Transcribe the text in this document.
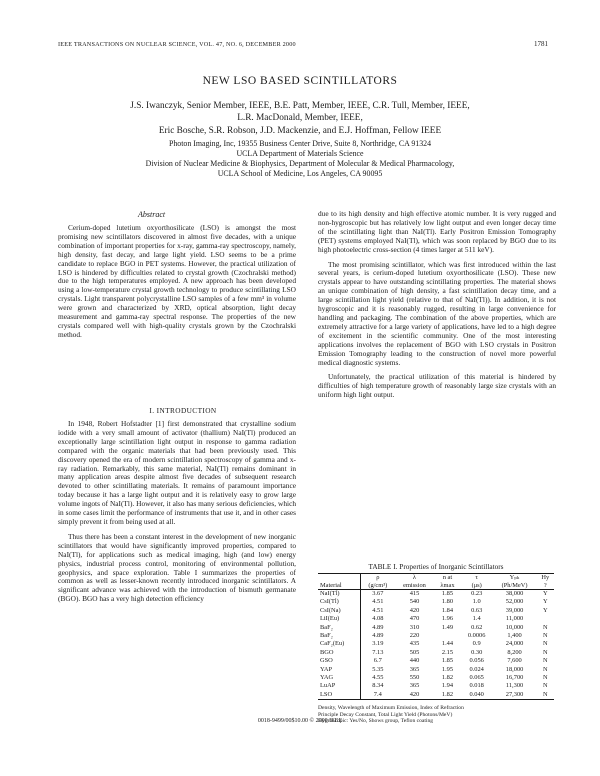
IEEE TRANSACTIONS ON NUCLEAR SCIENCE, VOL. 47, NO. 6, DECEMBER 2000	1781
NEW LSO BASED SCINTILLATORS
J.S. Iwanczyk, Senior Member, IEEE, B.E. Patt, Member, IEEE, C.R. Tull, Member, IEEE,
L.R. MacDonald, Member, IEEE,
Eric Bosche, S.R. Robson, J.D. Mackenzie, and E.J. Hoffman, Fellow IEEE
Photon Imaging, Inc, 19355 Business Center Drive, Suite 8, Northridge, CA 91324
UCLA Department of Materials Science
Division of Nuclear Medicine & Biophysics, Department of Molecular & Medical Pharmacology,
UCLA School of Medicine, Los Angeles, CA 90095
Abstract

Cerium-doped lutetium oxyorthosilicate (LSO) is amongst the most promising new scintillators discovered in almost five decades, with a unique combination of important properties for x-ray, gamma-ray spectroscopy, namely, high density, fast decay, and large light yield. LSO seems to be a prime candidate to replace BGO in PET systems. However, the practical utilization of LSO is hindered by difficulties related to crystal growth (Czochralski method) due to the high temperatures employed. A new approach has been developed using a low-temperature crystal growth technology to produce scintillating LSO crystals. Light transparent polycrystalline LSO samples of a few mm³ in volume were grown and characterized by XRD, optical absorption, light decay measurement and gamma-ray spectral response. The properties of the new crystals compared well with high-quality crystals grown by the Czochralski method.

I. INTRODUCTION

In 1948, Robert Hofstadter [1] first demonstrated that crystalline sodium iodide with a very small amount of activator (thallium) NaI(Tl) produced an exceptionally large scintillation light output in response to gamma radiation compared with the organic materials that had been previously used. This discovery opened the era of modern scintillation spectroscopy of gamma and x-ray radiation. Remarkably, this same material, NaI(Tl) remains dominant in many application areas despite almost five decades of subsequent research devoted to other scintillating materials. It remains of paramount importance today because it has a large light output and it is relatively easy to grow large volume ingots of NaI(Tl). However, it also has many serious deficiencies, which in some cases limit the performance of instruments that use it, and in other cases simply prevent it from being used at all.

Thus there has been a constant interest in the development of new inorganic scintillators that would have significantly improved properties, compared to NaI(Tl), for applications such as medical imaging, high (and low) energy physics, industrial process control, monitoring of environmental pollution, geophysics, and space exploration. Table I summarizes the properties of common as well as lesser-known recently introduced inorganic scintillators. A significant advance was achieved with the introduction of bismuth germanate (BGO). BGO has a very high detection efficiency

due to its high density and high effective atomic number. It is very rugged and non-hygroscopic but has relatively low light output and even longer decay time of the scintillating light than NaI(Tl). Early Positron Emission Tomography (PET) systems employed NaI(Tl), which was soon replaced by BGO due to its high photoelectric cross-section (4 times larger at 511 keV).

The most promising scintillator, which was first introduced within the last several years, is cerium-doped lutetium oxyorthosilicate (LSO). These new crystals appear to have outstanding scintillating properties. The material shows an unique combination of high density, a fast scintillation decay time, and a large scintillation light yield (relative to that of NaI(Tl)). In addition, it is not hygroscopic and it is reasonably rugged, resulting in large convenience for handling and packaging. The combination of the above properties, which are extremely attractive for a large variety of applications, have led to a high degree of excitement in the scientific community. One of the most interesting applications involves the replacement of BGO with LSO crystals in Positron Emission Tomography leading to the construction of novel more powerful medical diagnostic systems.

Unfortunately, the practical utilization of this material is hindered by difficulties of high temperature growth of reasonably large size crystals with an uniform high light output.

TABLE I. Properties of Inorganic Scintillators
	ρ	λ	n at	τ	Yₚₕ	Hy
Material	(g/cm³)	emission	λmax	(μs)	(Ph/MeV)	?
NaI(Tl)	3.67	415	1.85	0.23	38,000	Y
CsI(Tl)	4.51	540	1.80	1.0	52,000	Y
CsI(Na)	4.51	420	1.84	0.63	39,000	Y
LiI(Eu)	4.08	470	1.96	1.4	11,000	
BaF₂	4.89	310	1.49	0.62	10,000	N
BaF₂	4.89	220		0.0006	1,400	N
CaF₂(Eu)	3.19	435	1.44	0.9	24,000	N
BGO	7.13	505	2.15	0.30	8,200	N
GSO	6.7	440	1.85	0.056	7,600	N
YAP	5.35	365	1.95	0.024	18,000	N
YAG	4.55	550	1.82	0.065	16,700	N
LuAP	8.34	365	1.94	0.018	11,300	N
LSO	7.4	420	1.82	0.040	27,300	N
Density, Wavelength of Maximum Emission, Index of Refraction
Principle Decay Constant, Total Light Yield (Photons/MeV)
Hygroscopic: Yes/No, Shows group, Teflon coating
0018-9499/00$10.00 © 2000 IEEE
